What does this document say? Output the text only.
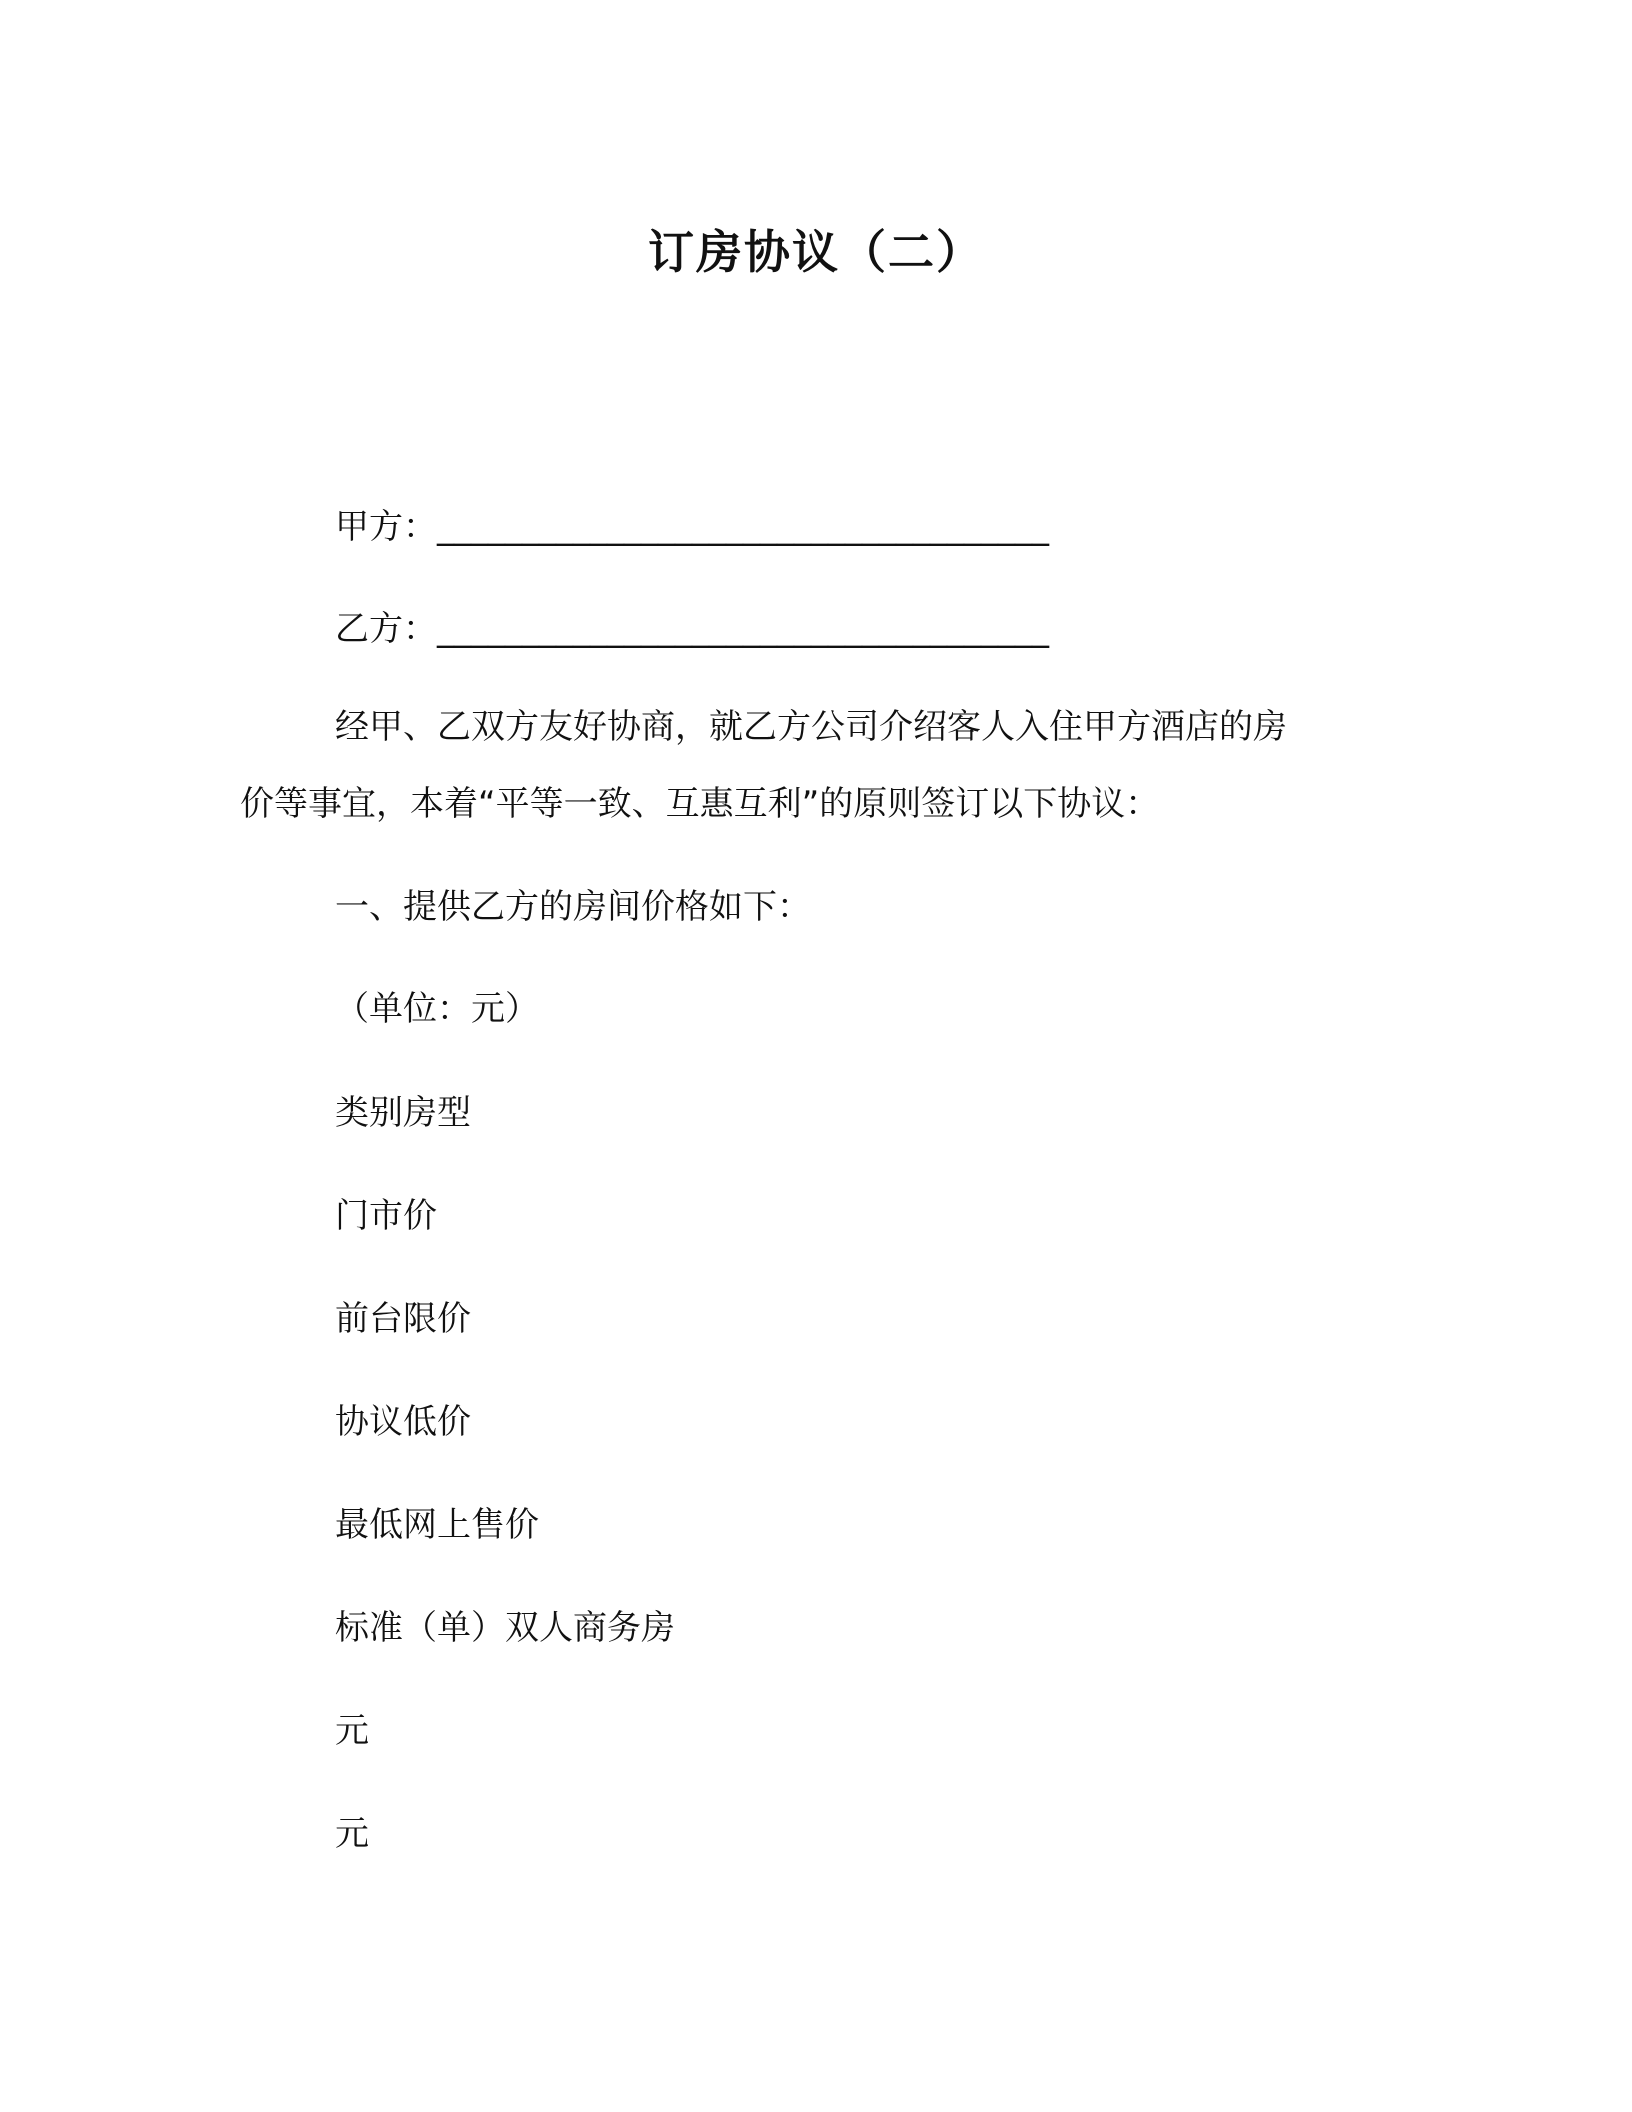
订房协议（二）
甲方：____________________________________
乙方：____________________________________
经甲、乙双方友好协商，就乙方公司介绍客人入住甲方酒店的房
价等事宜，本着“平等一致、互惠互利”的原则签订以下协议：
一、提供乙方的房间价格如下：
（单位：元）
类别房型
门市价
前台限价
协议低价
最低网上售价
标准（单）双人商务房
元
元
